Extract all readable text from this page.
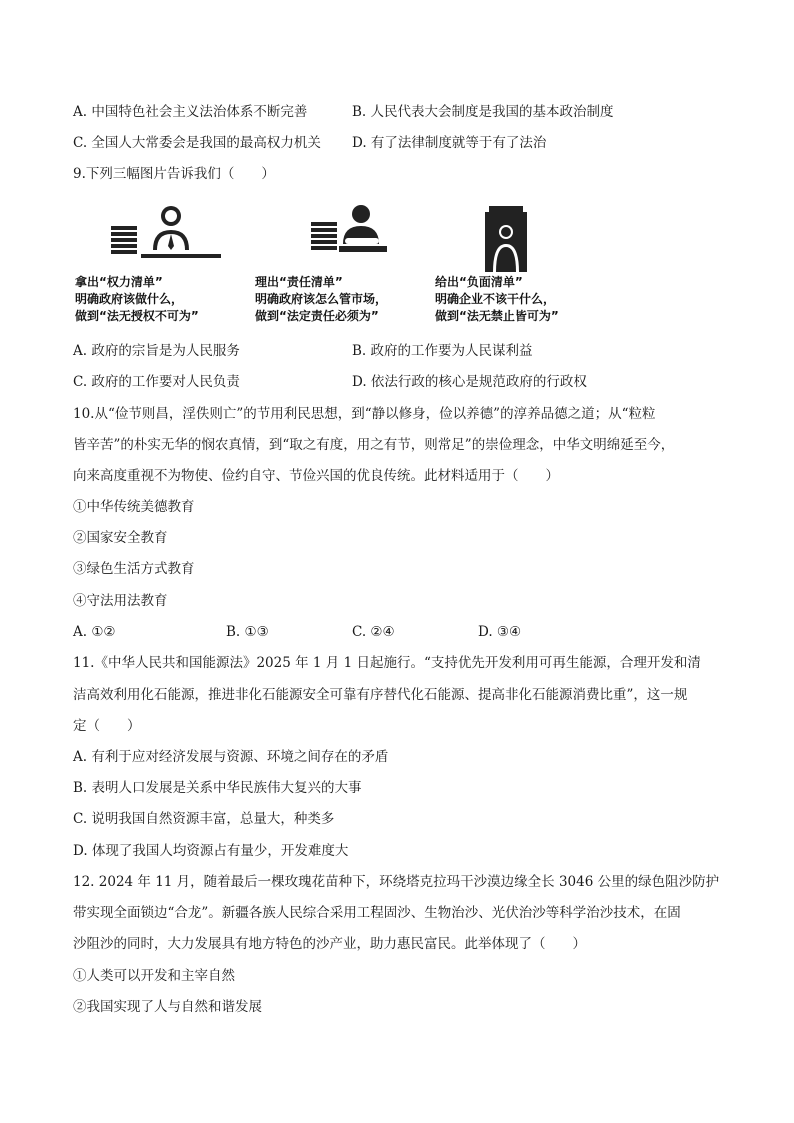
A. 中国特色社会主义法治体系不断完善	B. 人民代表大会制度是我国的基本政治制度
C. 全国人大常委会是我国的最高权力机关 D. 有了法律制度就等于有了法治
9.下列三幅图片告诉我们（　　）
拿出“权力清单”
明确政府该做什么，
做到“法无授权不可为”
理出“责任清单”
明确政府该怎么管市场，
做到“法定责任必须为”
给出“负面清单”
明确企业不该干什么，
做到“法无禁止皆可为”
A. 政府的宗旨是为人民服务	B. 政府的工作要为人民谋利益
C. 政府的工作要对人民负责	D. 依法行政的核心是规范政府的行政权
10.从“俭节则昌，淫佚则亡”的节用利民思想，到“静以修身，俭以养德”的淳养品德之道；从“粒粒
皆辛苦”的朴实无华的悯农真情，到“取之有度，用之有节，则常足”的崇俭理念，中华文明绵延至今，
向来高度重视不为物使、俭约自守、节俭兴国的优良传统。此材料适用于（　　）
①中华传统美德教育
②国家安全教育
③绿色生活方式教育
④守法用法教育
A. ①②	B. ①③	C. ②④	D. ③④
11.《中华人民共和国能源法》2025 年 1 月 1 日起施行。“支持优先开发利用可再生能源，合理开发和清
洁高效利用化石能源，推进非化石能源安全可靠有序替代化石能源、提高非化石能源消费比重”，这一规
定（　　）
A. 有利于应对经济发展与资源、环境之间存在的矛盾
B. 表明人口发展是关系中华民族伟大复兴的大事
C. 说明我国自然资源丰富，总量大，种类多
D. 体现了我国人均资源占有量少，开发难度大
12. 2024 年 11 月，随着最后一棵玫瑰花苗种下，环绕塔克拉玛干沙漠边缘全长 3046 公里的绿色阻沙防护
带实现全面锁边“合龙”。新疆各族人民综合采用工程固沙、生物治沙、光伏治沙等科学治沙技术，在固
沙阻沙的同时，大力发展具有地方特色的沙产业，助力惠民富民。此举体现了（　　）
①人类可以开发和主宰自然
②我国实现了人与自然和谐发展
